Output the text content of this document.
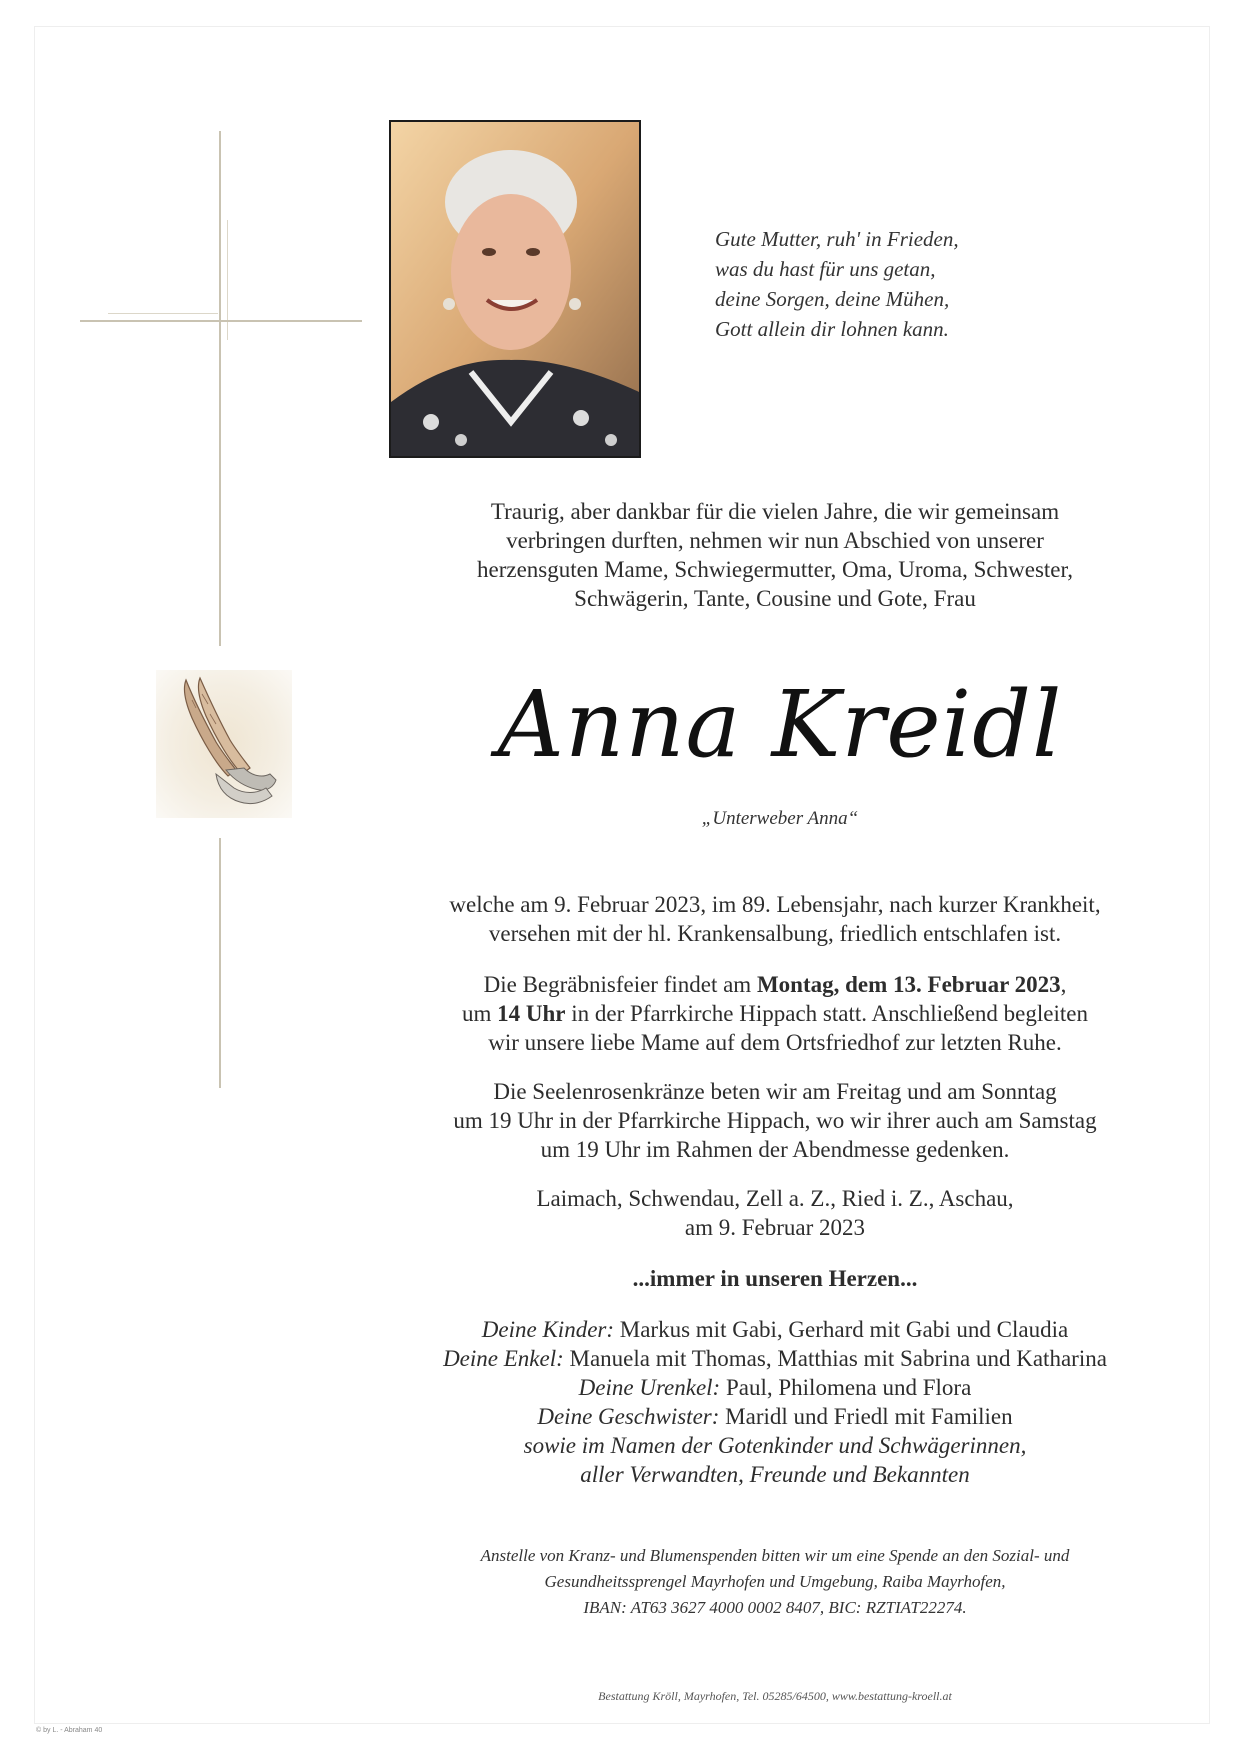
Gute Mutter, ruh' in Frieden,
was du hast für uns getan,
deine Sorgen, deine Mühen,
Gott allein dir lohnen kann.
Traurig, aber dankbar für die vielen Jahre, die wir gemeinsam
verbringen durften, nehmen wir nun Abschied von unserer
herzensguten Mame, Schwiegermutter, Oma, Uroma, Schwester,
Schwägerin, Tante, Cousine und Gote, Frau
Anna Kreidl
„Unterweber Anna“
welche am 9. Februar 2023, im 89. Lebensjahr, nach kurzer Krankheit,
versehen mit der hl. Krankensalbung, friedlich entschlafen ist.
Die Begräbnisfeier findet am Montag, dem 13. Februar 2023,
um 14 Uhr in der Pfarrkirche Hippach statt. Anschließend begleiten
wir unsere liebe Mame auf dem Ortsfriedhof zur letzten Ruhe.
Die Seelenrosenkränze beten wir am Freitag und am Sonntag
um 19 Uhr in der Pfarrkirche Hippach, wo wir ihrer auch am Samstag
um 19 Uhr im Rahmen der Abendmesse gedenken.
Laimach, Schwendau, Zell a. Z., Ried i. Z., Aschau,
am 9. Februar 2023
...immer in unseren Herzen...
Deine Kinder: Markus mit Gabi, Gerhard mit Gabi und Claudia
Deine Enkel: Manuela mit Thomas, Matthias mit Sabrina und Katharina
Deine Urenkel: Paul, Philomena und Flora
Deine Geschwister: Maridl und Friedl mit Familien
sowie im Namen der Gotenkinder und Schwägerinnen,
aller Verwandten, Freunde und Bekannten
Anstelle von Kranz- und Blumenspenden bitten wir um eine Spende an den Sozial- und
Gesundheitssprengel Mayrhofen und Umgebung, Raiba Mayrhofen,
IBAN: AT63 3627 4000 0002 8407, BIC: RZTIAT22274.
Bestattung Kröll, Mayrhofen, Tel. 05285/64500, www.bestattung-kroell.at
© by L. - Abraham 40
